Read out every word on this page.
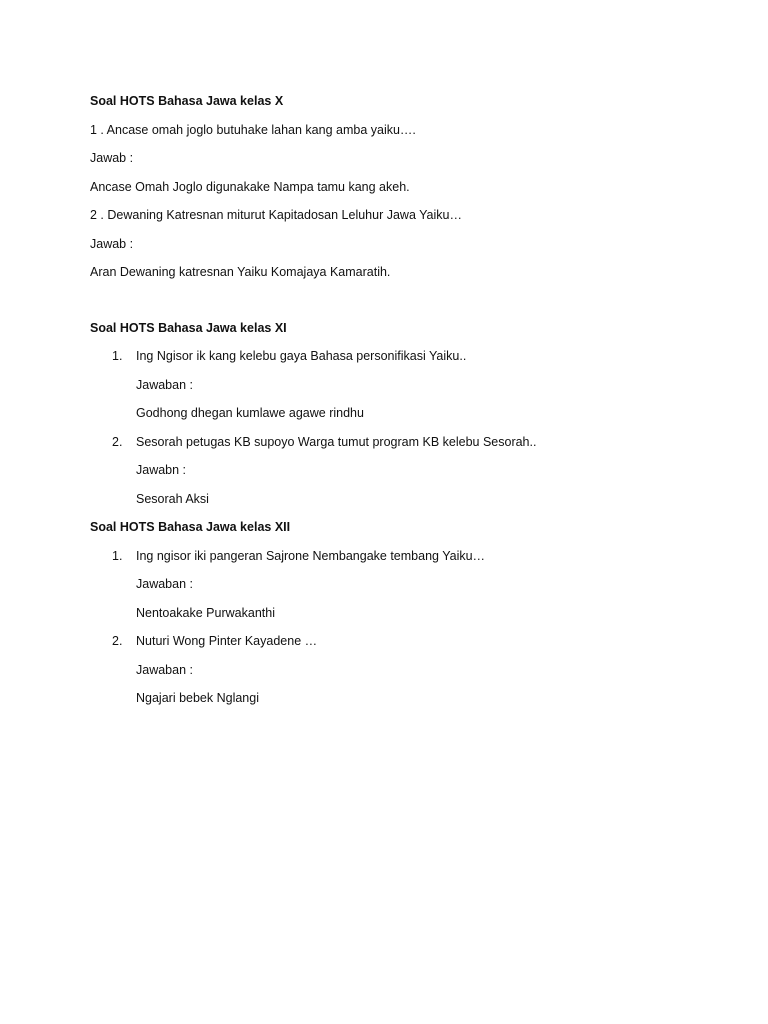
Soal HOTS Bahasa Jawa kelas X
1 . Ancase omah joglo butuhake lahan kang amba yaiku….
Jawab :
Ancase Omah Joglo digunakake Nampa tamu kang akeh.
2 . Dewaning Katresnan miturut Kapitadosan Leluhur Jawa Yaiku…
Jawab :
Aran Dewaning katresnan Yaiku Komajaya Kamaratih.
Soal HOTS Bahasa Jawa kelas XI
1. Ing Ngisor ik kang kelebu gaya Bahasa personifikasi Yaiku..
Jawaban :
Godhong dhegan kumlawe agawe rindhu
2. Sesorah petugas KB supoyo Warga tumut program KB kelebu Sesorah..
Jawabn :
Sesorah Aksi
Soal HOTS Bahasa Jawa kelas XII
1. Ing ngisor iki pangeran Sajrone Nembangake tembang Yaiku…
Jawaban :
Nentoakake Purwakanthi
2. Nuturi Wong Pinter Kayadene …
Jawaban :
Ngajari bebek Nglangi
